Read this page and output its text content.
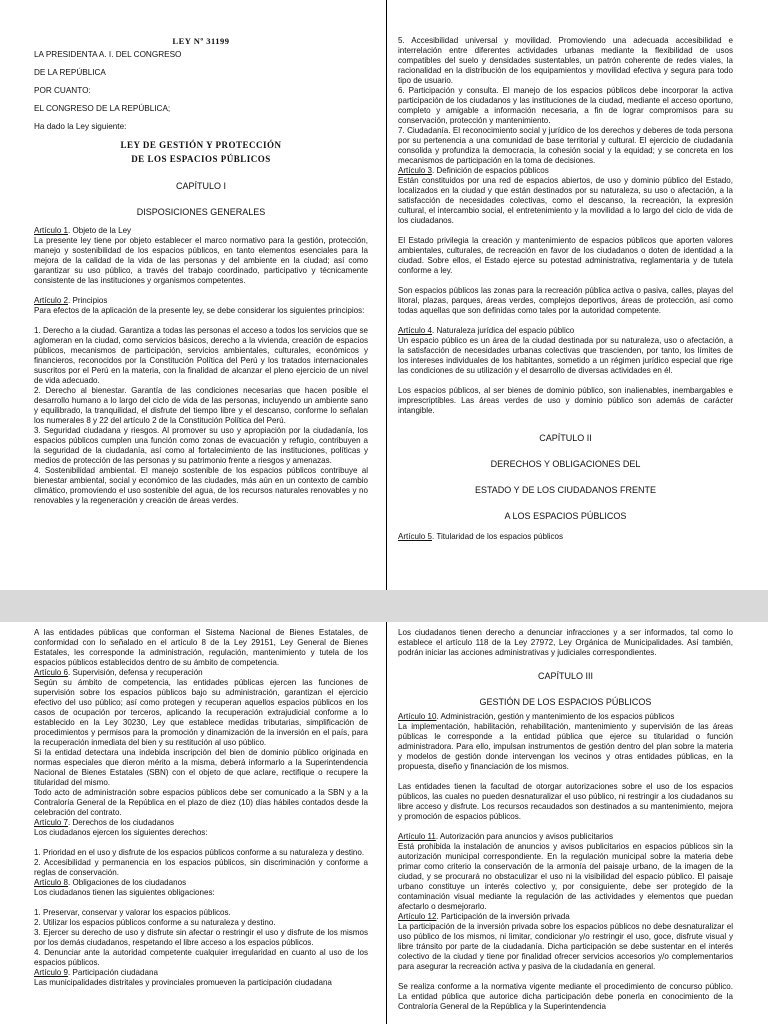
LEY Nº 31199

LA PRESIDENTA A. I. DEL CONGRESO

DE LA REPÚBLICA

POR CUANTO:

EL CONGRESO DE LA REPÚBLICA;

Ha dado la Ley siguiente:

LEY DE GESTIÓN Y PROTECCIÓN

DE LOS ESPACIOS PÚBLICOS

CAPÍTULO I

DISPOSICIONES GENERALES

Artículo 1. Objeto de la Ley

La presente ley tiene por objeto establecer el marco normativo para la gestión, protección, manejo y sostenibilidad de los espacios públicos, en tanto elementos esenciales para la mejora de la calidad de la vida de las personas y del ambiente en la ciudad; así como garantizar su uso público, a través del trabajo coordinado, participativo y técnicamente consistente de las instituciones y organismos competentes.

Artículo 2. Principios

Para efectos de la aplicación de la presente ley, se debe considerar los siguientes principios:

1. Derecho a la ciudad. Garantiza a todas las personas el acceso a todos los servicios que se aglomeran en la ciudad, como servicios básicos, derecho a la vivienda, creación de espacios públicos, mecanismos de participación, servicios ambientales, culturales, económicos y financieros, reconocidos por la Constitución Política del Perú y los tratados internacionales suscritos por el Perú en la materia, con la finalidad de alcanzar el pleno ejercicio de un nivel de vida adecuado.

2. Derecho al bienestar. Garantía de las condiciones necesarias que hacen posible el desarrollo humano a lo largo del ciclo de vida de las personas, incluyendo un ambiente sano y equilibrado, la tranquilidad, el disfrute del tiempo libre y el descanso, conforme lo señalan los numerales 8 y 22 del artículo 2 de la Constitución Política del Perú.

3. Seguridad ciudadana y riesgos. Al promover su uso y apropiación por la ciudadanía, los espacios públicos cumplen una función como zonas de evacuación y refugio, contribuyen a la seguridad de la ciudadanía, así como al fortalecimiento de las instituciones, políticas y medios de protección de las personas y su patrimonio frente a riesgos y amenazas.

4. Sostenibilidad ambiental. El manejo sostenible de los espacios públicos contribuye al bienestar ambiental, social y económico de las ciudades, más aún en un contexto de cambio climático, promoviendo el uso sostenible del agua, de los recursos naturales renovables y no renovables y la regeneración y creación de áreas verdes.

5. Accesibilidad universal y movilidad. Promoviendo una adecuada accesibilidad e interrelación entre diferentes actividades urbanas mediante la flexibilidad de usos compatibles del suelo y densidades sustentables, un patrón coherente de redes viales, la racionalidad en la distribución de los equipamientos y movilidad efectiva y segura para todo tipo de usuario.

6. Participación y consulta. El manejo de los espacios públicos debe incorporar la activa participación de los ciudadanos y las instituciones de la ciudad, mediante el acceso oportuno, completo y amigable a información necesaria, a fin de lograr compromisos para su conservación, protección y mantenimiento.

7. Ciudadanía. El reconocimiento social y jurídico de los derechos y deberes de toda persona por su pertenencia a una comunidad de base territorial y cultural. El ejercicio de ciudadanía consolida y profundiza la democracia, la cohesión social y la equidad; y se concreta en los mecanismos de participación en la toma de decisiones.

Artículo 3. Definición de espacios públicos

Están constituidos por una red de espacios abiertos, de uso y dominio público del Estado, localizados en la ciudad y que están destinados por su naturaleza, su uso o afectación, a la satisfacción de necesidades colectivas, como el descanso, la recreación, la expresión cultural, el intercambio social, el entretenimiento y la movilidad a lo largo del ciclo de vida de los ciudadanos.

El Estado privilegia la creación y mantenimiento de espacios públicos que aporten valores ambientales, culturales, de recreación en favor de los ciudadanos o doten de identidad a la ciudad. Sobre ellos, el Estado ejerce su potestad administrativa, reglamentaria y de tutela conforme a ley.

Son espacios públicos las zonas para la recreación pública activa o pasiva, calles, playas del litoral, plazas, parques, áreas verdes, complejos deportivos, áreas de protección, así como todas aquellas que son definidas como tales por la autoridad competente.

Artículo 4. Naturaleza jurídica del espacio público

Un espacio público es un área de la ciudad destinada por su naturaleza, uso o afectación, a la satisfacción de necesidades urbanas colectivas que trascienden, por tanto, los límites de los intereses individuales de los habitantes, sometido a un régimen jurídico especial que rige las condiciones de su utilización y el desarrollo de diversas actividades en él.

Los espacios públicos, al ser bienes de dominio público, son inalienables, inembargables e imprescriptibles. Las áreas verdes de uso y dominio público son además de carácter intangible.

CAPÍTULO II

DERECHOS Y OBLIGACIONES DEL

ESTADO Y DE LOS CIUDADANOS FRENTE

A LOS ESPACIOS PÚBLICOS

Artículo 5. Titularidad de los espacios públicos

A las entidades públicas que conforman el Sistema Nacional de Bienes Estatales, de conformidad con lo señalado en el artículo 8 de la Ley 29151, Ley General de Bienes Estatales, les corresponde la administración, regulación, mantenimiento y tutela de los espacios públicos establecidos dentro de su ámbito de competencia.

Artículo 6. Supervisión, defensa y recuperación

Según su ámbito de competencia, las entidades públicas ejercen las funciones de supervisión sobre los espacios públicos bajo su administración, garantizan el ejercicio efectivo del uso público; así como protegen y recuperan aquellos espacios públicos en los casos de ocupación por terceros, aplicando la recuperación extrajudicial conforme a lo establecido en la Ley 30230, Ley que establece medidas tributarias, simplificación de procedimientos y permisos para la promoción y dinamización de la inversión en el país, para la recuperación inmediata del bien y su restitución al uso público.

Si la entidad detectara una indebida inscripción del bien de dominio público originada en normas especiales que dieron mérito a la misma, deberá informarlo a la Superintendencia Nacional de Bienes Estatales (SBN) con el objeto de que aclare, rectifique o recupere la titularidad del mismo.

Todo acto de administración sobre espacios públicos debe ser comunicado a la SBN y a la Contraloría General de la República en el plazo de diez (10) días hábiles contados desde la celebración del contrato.

Artículo 7. Derechos de los ciudadanos

Los ciudadanos ejercen los siguientes derechos:

1. Prioridad en el uso y disfrute de los espacios públicos conforme a su naturaleza y destino.

2. Accesibilidad y permanencia en los espacios públicos, sin discriminación y conforme a reglas de conservación.

Artículo 8. Obligaciones de los ciudadanos

Los ciudadanos tienen las siguientes obligaciones:

1. Preservar, conservar y valorar los espacios públicos.

2. Utilizar los espacios públicos conforme a su naturaleza y destino.

3. Ejercer su derecho de uso y disfrute sin afectar o restringir el uso y disfrute de los mismos por los demás ciudadanos, respetando el libre acceso a los espacios públicos.

4. Denunciar ante la autoridad competente cualquier irregularidad en cuanto al uso de los espacios públicos.

Artículo 9. Participación ciudadana

Las municipalidades distritales y provinciales promueven la participación ciudadana

Los ciudadanos tienen derecho a denunciar infracciones y a ser informados, tal como lo establece el artículo 118 de la Ley 27972, Ley Orgánica de Municipalidades. Así también, podrán iniciar las acciones administrativas y judiciales correspondientes.

CAPÍTULO III

GESTIÓN DE LOS ESPACIOS PÚBLICOS

Artículo 10. Administración, gestión y mantenimiento de los espacios públicos

La implementación, habilitación, rehabilitación, mantenimiento y supervisión de las áreas públicas le corresponde a la entidad pública que ejerce su titularidad o función administradora. Para ello, impulsan instrumentos de gestión dentro del plan sobre la materia y modelos de gestión donde intervengan los vecinos y otras entidades públicas, en la propuesta, diseño y financiación de los mismos.

Las entidades tienen la facultad de otorgar autorizaciones sobre el uso de los espacios públicos, las cuales no pueden desnaturalizar el uso público, ni restringir a los ciudadanos su libre acceso y disfrute. Los recursos recaudados son destinados a su mantenimiento, mejora y promoción de espacios públicos.

Artículo 11. Autorización para anuncios y avisos publicitarios

Está prohibida la instalación de anuncios y avisos publicitarios en espacios públicos sin la autorización municipal correspondiente. En la regulación municipal sobre la materia debe primar como criterio la conservación de la armonía del paisaje urbano, de la imagen de la ciudad, y se procurará no obstaculizar el uso ni la visibilidad del espacio público. El paisaje urbano constituye un interés colectivo y, por consiguiente, debe ser protegido de la contaminación visual mediante la regulación de las actividades y elementos que puedan afectarlo o desmejorarlo.

Artículo 12. Participación de la inversión privada

La participación de la inversión privada sobre los espacios públicos no debe desnaturalizar el uso público de los mismos, ni limitar, condicionar y/o restringir el uso, goce, disfrute visual y libre tránsito por parte de la ciudadanía. Dicha participación se debe sustentar en el interés colectivo de la ciudad y tiene por finalidad ofrecer servicios accesorios y/o complementarios para asegurar la recreación activa y pasiva de la ciudadanía en general.

Se realiza conforme a la normativa vigente mediante el procedimiento de concurso público. La entidad pública que autorice dicha participación debe ponerla en conocimiento de la Contraloría General de la República y la Superintendencia
